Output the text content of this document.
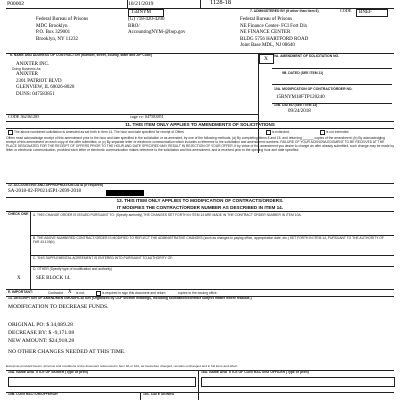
P00002	10/21/2019	1128-18
7. ADMINISTERED BY (If other than Item 6)	CODE BNEF
15BNYM
Federal Bureau of Prisons
MDC Brooklyn
P.O. Box 329001
Brooklyn, NY 11232
(G) 718-420-4200
BRO/
AccountingNYM-@bop.gov
Federal Bureau of Prisons
NE Finance Center- FCI Fort Dix
NE FINANCE CENTER
BLDG 5756 HARTFORD ROAD
Joint Base MDL, NJ 08640
8. NAME AND ADDRESS OF CONTRACTOR (Number, street, county, state and ZIP Code)
X 9A. AMENDMENT OF SOLICITATION NO.
Doing Business As:
ANIXTER INC.
ANIXTER
2301 PATRIOT BLVD
GLENVIEW, IL 60026-8020
DUNS: 047583851
9B. DATED (SEE ITEM 11)
10A. MODIFICATION OF CONTRACT/ORDER NO.
15BNYM18FTP120240
10B. DATED (SEE ITEM 13)
09/24/2018
CODE 362361285	cage cv: 047583851
11. THIS ITEM ONLY APPLIES TO AMENDMENTS OF SOLICITATIONS
The above numbered solicitation is amended as set forth in Item 14. The hour and date specified for receipt of Offers	is extended,	is not extended.
Offers must acknowledge receipt of this amendment prior to the hour and date specified in the solicitation or as amended, by one of the following methods: (a) By completing Items 8 and 15, and returning ______ copies of the amendment; (b) By acknowledging receipt of this amendment on each copy of the offer submitted; or (c) By separate letter or electronic communication which includes a reference to the solicitation and amendment numbers. FAILURE OF YOUR ACKNOWLEDGMENT TO BE RECEIVED AT THE PLACE DESIGNATED FOR THE RECEIPT OF OFFERS PRIOR TO THE HOUR AND DATE SPECIFIED MAY RESULT IN REJECTION OF YOUR OFFER. If by virtue of this amendment you desire to change an offer already submitted, such change may be made by letter or electronic communication, provided each letter or electronic communication makes reference to the solicitation and this amendment, and is received prior to the opening hour and date specified.
12. ACCOUNTING AND APPROPRIATION DATA (If required)
SA-2018-02-FP02145P1-2699-2018
13. THIS ITEM ONLY APPLIES TO MODIFICATION OF CONTRACTS/ORDERS.
IT MODIFIES THE CONTRACT/ORDER NUMBER AS DESCRIBED IN ITEM 14.
CHECK ONE A. THIS CHANGE ORDER IS ISSUED PURSUANT TO: (Specify authority) THE CHANGES SET FORTH IN ITEM 14 ARE MADE IN THE CONTRACT ORDER NUMBER IN ITEM 10A.
B. THE ABOVE NUMBERED CONTRACT/ORDER IS MODIFIED TO REFLECT THE ADMINISTRATIVE CHANGES (such as changes in paying office, appropriation date, etc.) SET FORTH IN ITEM 14, PURSUANT TO THE AUTHORITY OF FAR 43.103(b).
C. THIS SUPPLEMENTAL AGREEMENT IS ENTERED INTO PURSUANT TO AUTHORITY OF:
D. OTHER (Specify type of modification and authority)
X	SEE BLOCK 14.
E. IMPORTANT:	Contractor X is not,	is required to sign this document and return	copies to the issuing office.
14. DESCRIPTION OF AMENDMENT/MODIFICATION (Organized by UCF section headings, including solicitation/contract subject matter where feasible.)
MODIFICATION TO DECREASE FUNDS.
ORIGINAL PO: $ 34,089.28
DECREASE BY: $ -9,171.08
NEW AMOUNT: $24,918.28
NO OTHER CHANGES NEEDED AT THIS TIME.
Except as provided herein, all terms and conditions of the document referenced in Item 9A or 10A, as heretofore changed, remains unchanged and in full force and effect.
15A. NAME AND TITLE OF SIGNER (Type or print)	16A. NAME AND TITLE OF CONTRACTING OFFICER (Type or print)
15B. CONTRACTOR/OFFEROR	15C. DATE SIGNED
